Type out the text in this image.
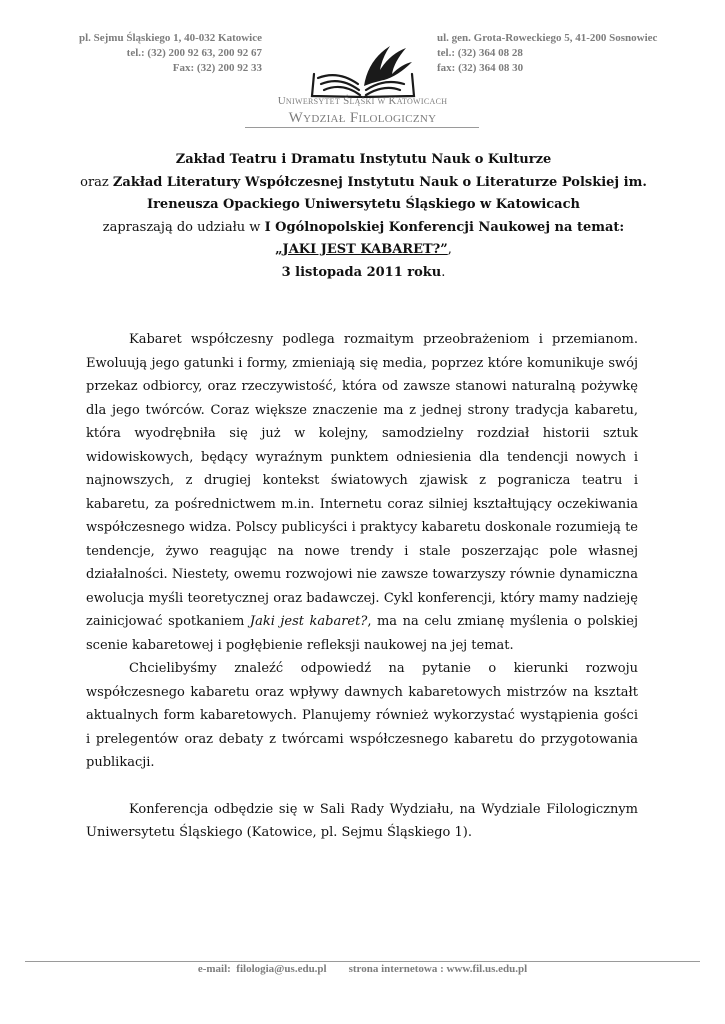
pl. Sejmu Śląskiego 1, 40-032 Katowice
tel.: (32) 200 92 63, 200 92 67
Fax: (32) 200 92 33
ul. gen. Grota-Roweckiego 5, 41-200 Sosnowiec
tel.: (32) 364 08 28
fax: (32) 364 08 30
Uniwersytet Śląski w Katowicach
Wydział Filologiczny

Zakład Teatru i Dramatu Instytutu Nauk o Kulturze

oraz Zakład Literatury Współczesnej Instytutu Nauk o Literaturze Polskiej im.

Ireneusza Opackiego Uniwersytetu Śląskiego w Katowicach

zapraszają do udziału w I Ogólnopolskiej Konferencji Naukowej na temat:

„JAKI JEST KABARET?”,

3 listopada 2011 roku.

Kabaret współczesny podlega rozmaitym przeobrażeniom i przemianom. Ewoluują jego gatunki i formy, zmieniają się media, poprzez które komunikuje swój przekaz odbiorcy, oraz rzeczywistość, która od zawsze stanowi naturalną pożywkę dla jego twórców. Coraz większe znaczenie ma z jednej strony tradycja kabaretu, która wyodrębniła się już w kolejny, samodzielny rozdział historii sztuk widowiskowych, będący wyraźnym punktem odniesienia dla tendencji nowych i najnowszych, z drugiej kontekst światowych zjawisk z pogranicza teatru i kabaretu, za pośrednictwem m.in. Internetu coraz silniej kształtujący oczekiwania współczesnego widza. Polscy publicyści i praktycy kabaretu doskonale rozumieją te tendencje, żywo reagując na nowe trendy i stale poszerzając pole własnej działalności. Niestety, owemu rozwojowi nie zawsze towarzyszy równie dynamiczna ewolucja myśli teoretycznej oraz badawczej. Cykl konferencji, który mamy nadzieję zainicjować spotkaniem Jaki jest kabaret?, ma na celu zmianę myślenia o polskiej scenie kabaretowej i pogłębienie refleksji naukowej na jej temat.

Chcielibyśmy znaleźć odpowiedź na pytanie o kierunki rozwoju współczesnego kabaretu oraz wpływy dawnych kabaretowych mistrzów na kształt aktualnych form kabaretowych. Planujemy również wykorzystać wystąpienia gości i prelegentów oraz debaty z twórcami współczesnego kabaretu do przygotowania publikacji.

Konferencja odbędzie się w Sali Rady Wydziału, na Wydziale Filologicznym Uniwersytetu Śląskiego (Katowice, pl. Sejmu Śląskiego 1).

e-mail:  filologia@us.edu.pl strona internetowa : www.fil.us.edu.pl
